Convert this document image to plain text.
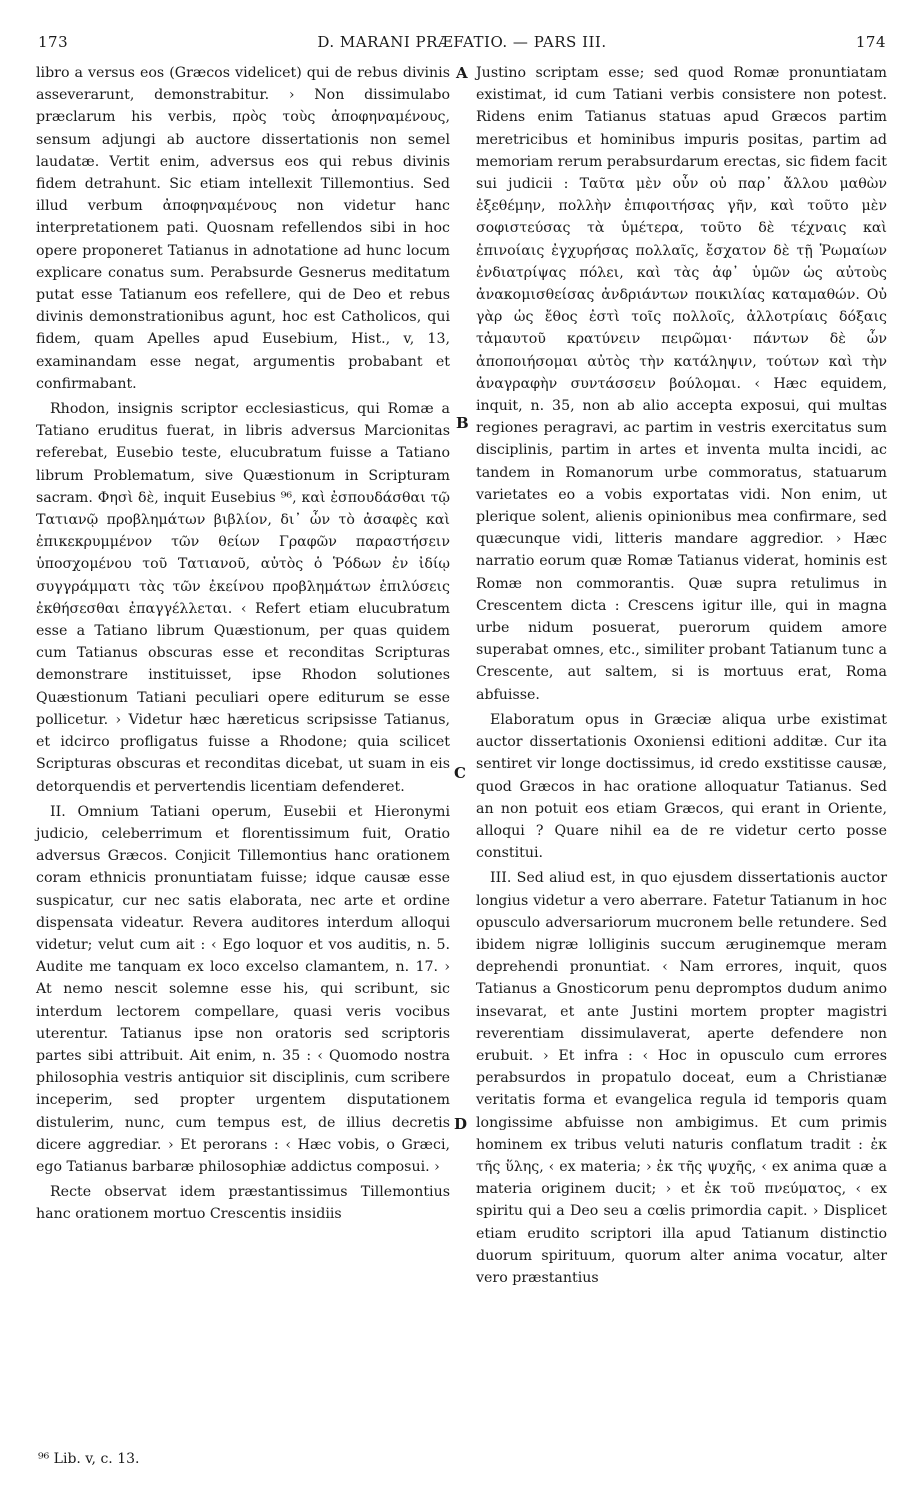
173	D. MARANI PRÆFATIO. — PARS III.	174

libro a versus eos (Græcos videlicet) qui de rebus divinis asseverarunt, demonstrabitur. › Non dissimulabo præclarum his verbis, πρὸς τοὺς ἀποφηναμένους, sensum adjungi ab auctore dissertationis non semel laudatæ. Vertit enim, adversus eos qui rebus divinis fidem detrahunt. Sic etiam intellexit Tillemontius. Sed illud verbum ἀποφηναμένους non videtur hanc interpretationem pati. Quosnam refellendos sibi in hoc opere proponeret Tatianus in adnotatione ad hunc locum explicare conatus sum. Perabsurde Gesnerus meditatum putat esse Tatianum eos refellere, qui de Deo et rebus divinis demonstrationibus agunt, hoc est Catholicos, qui fidem, quam Apelles apud Eusebium, Hist., v, 13, examinandam esse negat, argumentis probabant et confirmabant.

Rhodon, insignis scriptor ecclesiasticus, qui Romæ a Tatiano eruditus fuerat, in libris adversus Marcionitas referebat, Eusebio teste, elucubratum fuisse a Tatiano librum Problematum, sive Quæstionum in Scripturam sacram. Φησὶ δὲ, inquit Eusebius ⁹⁶, καὶ ἐσπουδάσθαι τῷ Τατιανῷ προβλημάτων βιβλίον, δι᾽ ὧν τὸ ἀσαφὲς καὶ ἐπικεκρυμμένον τῶν θείων Γραφῶν παραστήσειν ὑποσχομένου τοῦ Τατιανοῦ, αὐτὸς ὁ Ῥόδων ἐν ἰδίῳ συγγράμματι τὰς τῶν ἐκείνου προβλημάτων ἐπιλύσεις ἐκθήσεσθαι ἐπαγγέλλεται. ‹ Refert etiam elucubratum esse a Tatiano librum Quæstionum, per quas quidem cum Tatianus obscuras esse et reconditas Scripturas demonstrare instituisset, ipse Rhodon solutiones Quæstionum Tatiani peculiari opere editurum se esse pollicetur. › Videtur hæc hæreticus scripsisse Tatianus, et idcirco profligatus fuisse a Rhodone; quia scilicet Scripturas obscuras et reconditas dicebat, ut suam in eis detorquendis et pervertendis licentiam defenderet.

II. Omnium Tatiani operum, Eusebii et Hieronymi judicio, celeberrimum et florentissimum fuit, Oratio adversus Græcos. Conjicit Tillemontius hanc orationem coram ethnicis pronuntiatam fuisse; idque causæ esse suspicatur, cur nec satis elaborata, nec arte et ordine dispensata videatur. Revera auditores interdum alloqui videtur; velut cum ait : ‹ Ego loquor et vos auditis, n. 5. Audite me tanquam ex loco excelso clamantem, n. 17. › At nemo nescit solemne esse his, qui scribunt, sic interdum lectorem compellare, quasi veris vocibus uterentur. Tatianus ipse non oratoris sed scriptoris partes sibi attribuit. Ait enim, n. 35 : ‹ Quomodo nostra philosophia vestris antiquior sit disciplinis, cum scribere inceperim, sed propter urgentem disputationem distulerim, nunc, cum tempus est, de illius decretis dicere aggrediar. › Et perorans : ‹ Hæc vobis, o Græci, ego Tatianus barbaræ philosophiæ addictus composui. ›

Recte observat idem præstantissimus Tillemontius hanc orationem mortuo Crescentis insidiis

Justino scriptam esse; sed quod Romæ pronuntiatam existimat, id cum Tatiani verbis consistere non potest. Ridens enim Tatianus statuas apud Græcos partim meretricibus et hominibus impuris positas, partim ad memoriam rerum perabsurdarum erectas, sic fidem facit sui judicii : Ταῦτα μὲν οὖν οὐ παρ᾽ ἄλλου μαθὼν ἐξεθέμην, πολλὴν ἐπιφοιτήσας γῆν, καὶ τοῦτο μὲν σοφιστεύσας τὰ ὑμέτερα, τοῦτο δὲ τέχναις καὶ ἐπινοίαις ἐγχυρήσας πολλαῖς, ἔσχατον δὲ τῇ Ῥωμαίων ἐνδιατρίψας πόλει, καὶ τὰς ἀφ᾽ ὑμῶν ὡς αὐτοὺς ἀνακομισθείσας ἀνδριάντων ποικιλίας καταμαθών. Οὐ γὰρ ὡς ἔθος ἐστὶ τοῖς πολλοῖς, ἀλλοτρίαις δόξαις τἀμαυτοῦ κρατύνειν πειρῶμαι· πάντων δὲ ὧν ἀποποιήσομαι αὐτὸς τὴν κατάληψιν, τούτων καὶ τὴν ἀναγραφὴν συντάσσειν βούλομαι. ‹ Hæc equidem, inquit, n. 35, non ab alio accepta exposui, qui multas regiones peragravi, ac partim in vestris exercitatus sum disciplinis, partim in artes et inventa multa incidi, ac tandem in Romanorum urbe commoratus, statuarum varietates eo a vobis exportatas vidi. Non enim, ut plerique solent, alienis opinionibus mea confirmare, sed quæcunque vidi, litteris mandare aggredior. › Hæc narratio eorum quæ Romæ Tatianus viderat, hominis est Romæ non commorantis. Quæ supra retulimus in Crescentem dicta : Crescens igitur ille, qui in magna urbe nidum posuerat, puerorum quidem amore superabat omnes, etc., similiter probant Tatianum tunc a Crescente, aut saltem, si is mortuus erat, Roma abfuisse.

Elaboratum opus in Græciæ aliqua urbe existimat auctor dissertationis Oxoniensi editioni additæ. Cur ita sentiret vir longe doctissimus, id credo exstitisse causæ, quod Græcos in hac oratione alloquatur Tatianus. Sed an non potuit eos etiam Græcos, qui erant in Oriente, alloqui ? Quare nihil ea de re videtur certo posse constitui.

III. Sed aliud est, in quo ejusdem dissertationis auctor longius videtur a vero aberrare. Fatetur Tatianum in hoc opusculo adversariorum mucronem belle retundere. Sed ibidem nigræ lolliginis succum æruginemque meram deprehendi pronuntiat. ‹ Nam errores, inquit, quos Tatianus a Gnosticorum penu depromptos dudum animo insevarat, et ante Justini mortem propter magistri reverentiam dissimulaverat, aperte defendere non erubuit. › Et infra : ‹ Hoc in opusculo cum errores perabsurdos in propatulo doceat, eum a Christianæ veritatis forma et evangelica regula id temporis quam longissime abfuisse non ambigimus. Et cum primis hominem ex tribus veluti naturis conflatum tradit : ἐκ τῆς ὕλης, ‹ ex materia; › ἐκ τῆς ψυχῆς, ‹ ex anima quæ a materia originem ducit; › et ἐκ τοῦ πνεύματος, ‹ ex spiritu qui a Deo seu a cœlis primordia capit. › Displicet etiam erudito scriptori illa apud Tatianum distinctio duorum spirituum, quorum alter anima vocatur, alter vero præstantius

A
B
C
D
⁹⁶ Lib. v, c. 13.
